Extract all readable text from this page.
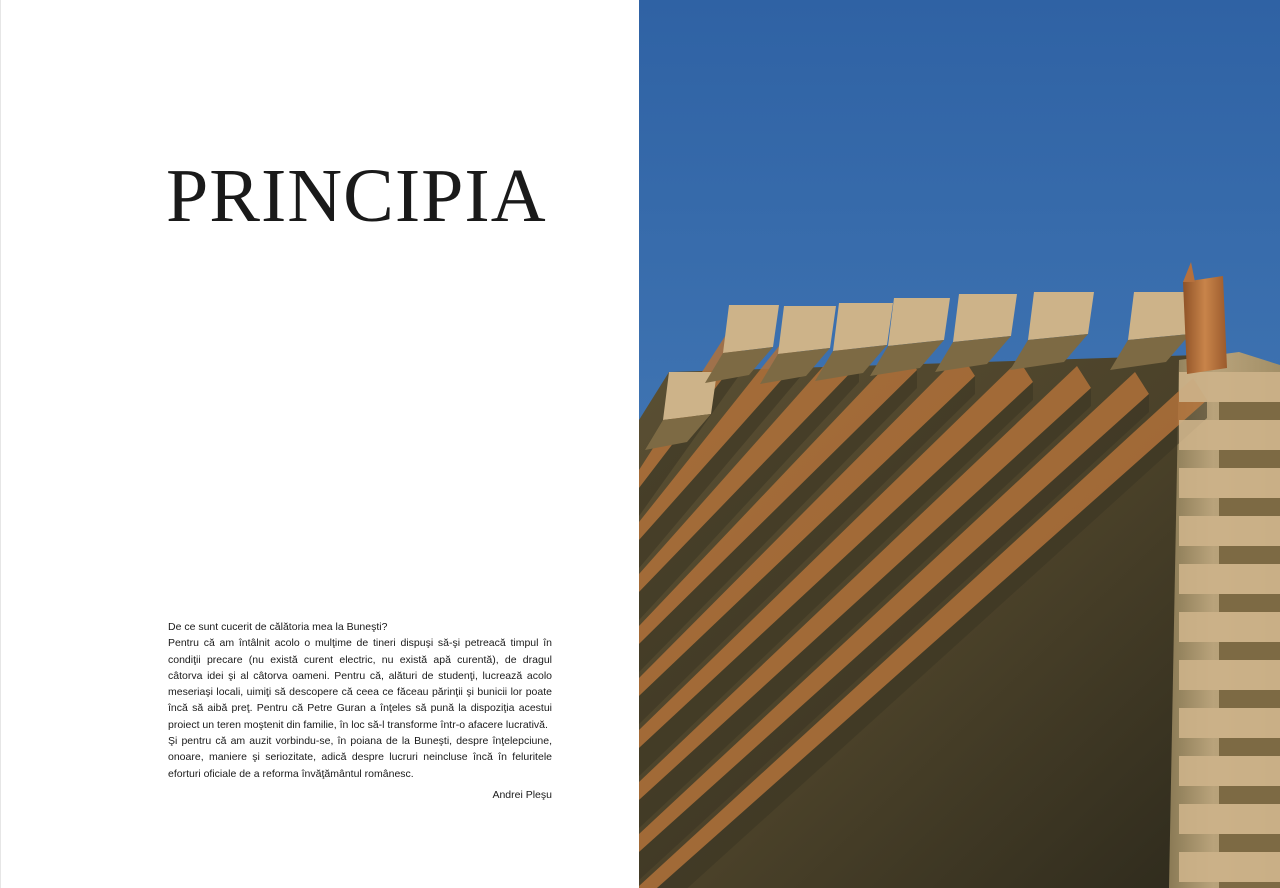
PRINCIPIA

De ce sunt cucerit de călătoria mea la Buneşti?

Pentru că am întâlnit acolo o mulţime de tineri dispuşi să-şi petreacă timpul în condiţii precare (nu există curent electric, nu există apă curentă), de dragul câtorva idei şi al câtorva oameni. Pentru că, alături de studenţi, lucrează acolo meseriaşi locali, uimiţi să descopere că ceea ce făceau părinţii şi bunicii lor poate încă să aibă preţ. Pentru că Petre Guran a înţeles să pună la dispoziţia acestui proiect un teren moştenit din familie, în loc să-l transforme într-o afacere lucrativă.

Şi pentru că am auzit vorbindu-se, în poiana de la Buneşti, despre înţelepciune, onoare, maniere şi seriozitate, adică despre lucruri neincluse încă în feluritele eforturi oficiale de a reforma învăţământul românesc.

Andrei Pleşu
